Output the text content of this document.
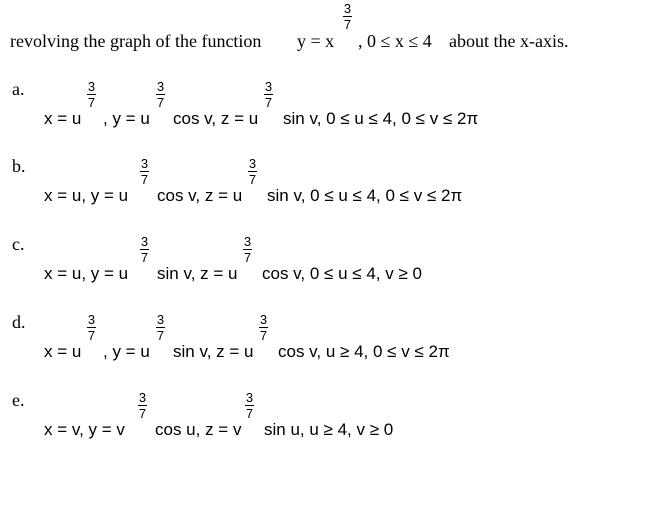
revolving the graph of the function y = x
3
7
, 0 ≤ x ≤ 4 about the x-axis.
a.
x = u
3
7
, y = u
3
7
cos v, z = u
3
7
sin v, 0 ≤ u ≤ 4, 0 ≤ v ≤ 2π
b.
x = u, y = u
3
7
cos v, z = u
3
7
sin v, 0 ≤ u ≤ 4, 0 ≤ v ≤ 2π
c.
x = u, y = u
3
7
sin v, z = u
3
7
cos v, 0 ≤ u ≤ 4, v ≥ 0
d.
x = u
3
7
, y = u
3
7
sin v, z = u
3
7
cos v, u ≥ 4, 0 ≤ v ≤ 2π
e.
x = v, y = v
3
7
cos u, z = v
3
7
sin u, u ≥ 4, v ≥ 0
